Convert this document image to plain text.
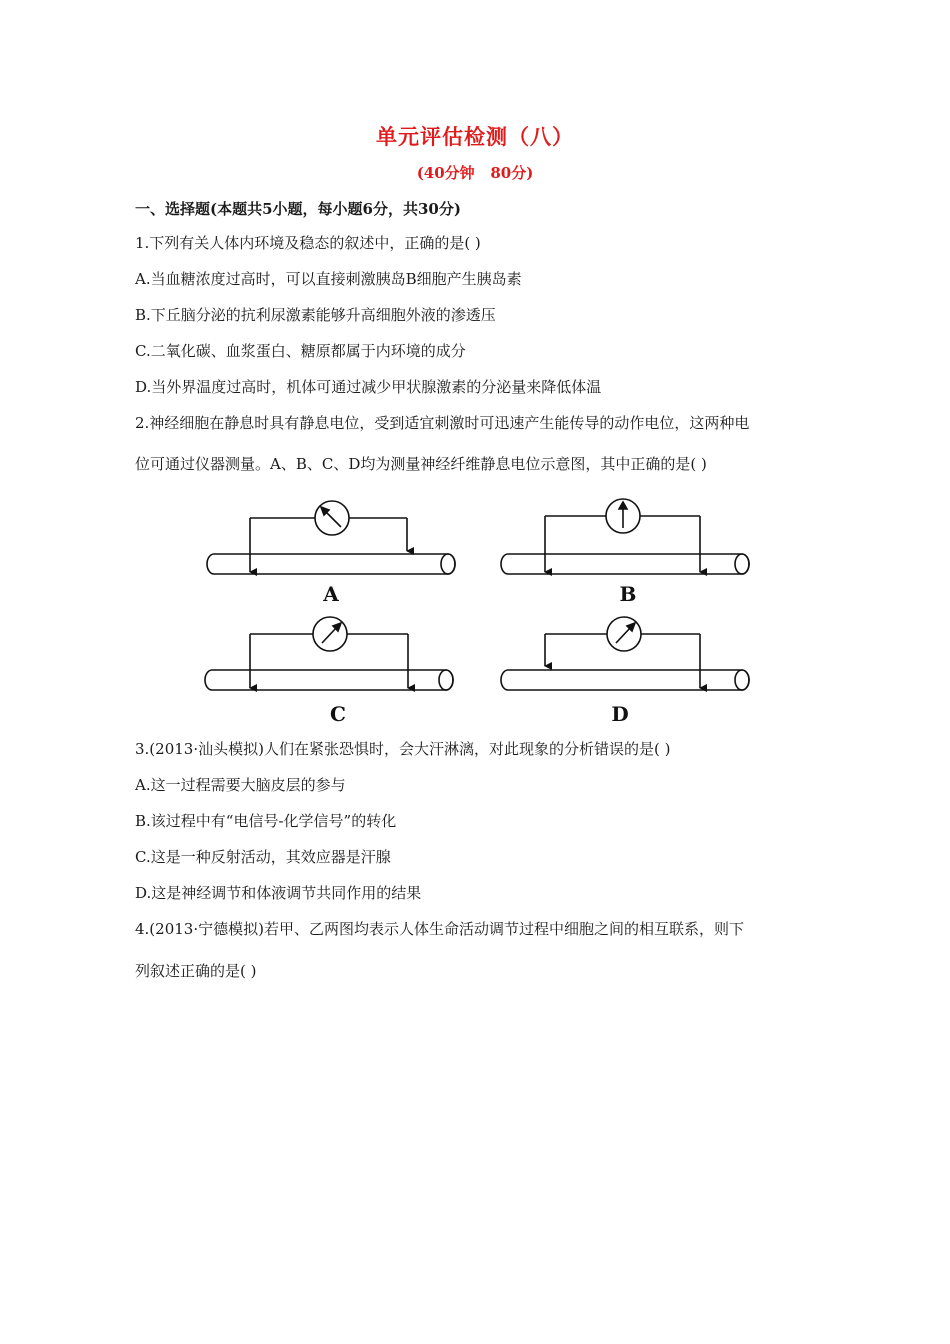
单元评估检测（八）
(40分钟   80分)
一、选择题(本题共5小题，每小题6分，共30分)
1.下列有关人体内环境及稳态的叙述中，正确的是( )
A.当血糖浓度过高时，可以直接刺激胰岛B细胞产生胰岛素
B.下丘脑分泌的抗利尿激素能够升高细胞外液的渗透压
C.二氧化碳、血浆蛋白、糖原都属于内环境的成分
D.当外界温度过高时，机体可通过减少甲状腺激素的分泌量来降低体温
2.神经细胞在静息时具有静息电位，受到适宜刺激时可迅速产生能传导的动作电位，这两种电
位可通过仪器测量。A、B、C、D均为测量神经纤维静息电位示意图，其中正确的是( )
A	B
C	D
3.(2013·汕头模拟)人们在紧张恐惧时，会大汗淋漓，对此现象的分析错误的是( )
A.这一过程需要大脑皮层的参与
B.该过程中有“电信号-化学信号”的转化
C.这是一种反射活动，其效应器是汗腺
D.这是神经调节和体液调节共同作用的结果
4.(2013·宁德模拟)若甲、乙两图均表示人体生命活动调节过程中细胞之间的相互联系，则下
列叙述正确的是( )
